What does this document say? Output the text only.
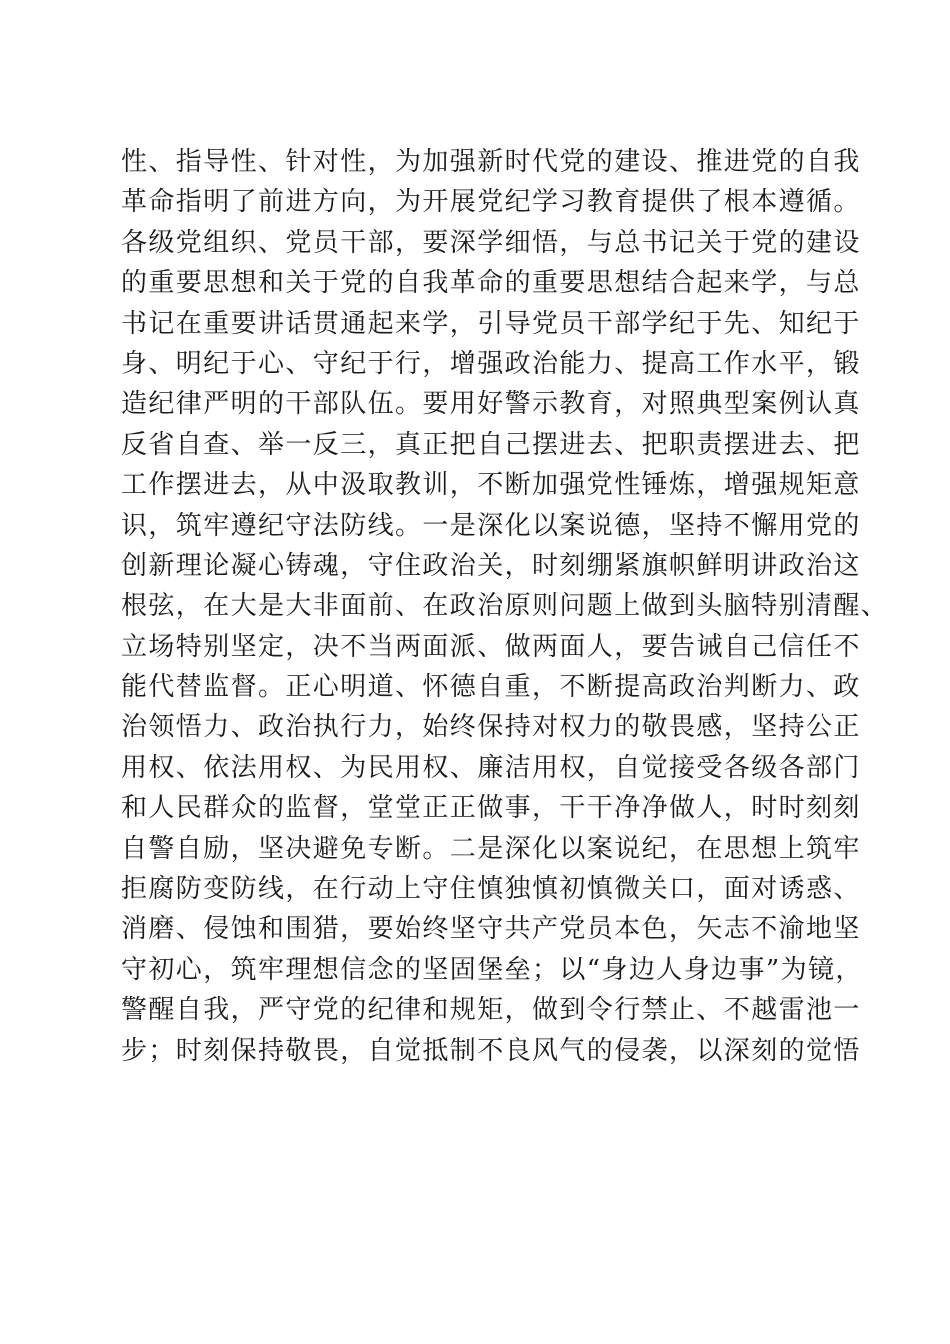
性、指导性、针对性，为加强新时代党的建设、推进党的自我
革命指明了前进方向，为开展党纪学习教育提供了根本遵循。
各级党组织、党员干部，要深学细悟，与总书记关于党的建设
的重要思想和关于党的自我革命的重要思想结合起来学，与总
书记在重要讲话贯通起来学，引导党员干部学纪于先、知纪于
身、明纪于心、守纪于行，增强政治能力、提高工作水平，锻
造纪律严明的干部队伍。要用好警示教育，对照典型案例认真
反省自查、举一反三，真正把自己摆进去、把职责摆进去、把
工作摆进去，从中汲取教训，不断加强党性锤炼，增强规矩意
识，筑牢遵纪守法防线。一是深化以案说德，坚持不懈用党的
创新理论凝心铸魂，守住政治关，时刻绷紧旗帜鲜明讲政治这
根弦，在大是大非面前、在政治原则问题上做到头脑特别清醒、
立场特别坚定，决不当两面派、做两面人，要告诫自己信任不
能代替监督。正心明道、怀德自重，不断提高政治判断力、政
治领悟力、政治执行力，始终保持对权力的敬畏感，坚持公正
用权、依法用权、为民用权、廉洁用权，自觉接受各级各部门
和人民群众的监督，堂堂正正做事，干干净净做人，时时刻刻
自警自励，坚决避免专断。二是深化以案说纪，在思想上筑牢
拒腐防变防线，在行动上守住慎独慎初慎微关口，面对诱惑、
消磨、侵蚀和围猎，要始终坚守共产党员本色，矢志不渝地坚
守初心，筑牢理想信念的坚固堡垒；以“身边人身边事”为镜，
警醒自我，严守党的纪律和规矩，做到令行禁止、不越雷池一
步；时刻保持敬畏，自觉抵制不良风气的侵袭，以深刻的觉悟
